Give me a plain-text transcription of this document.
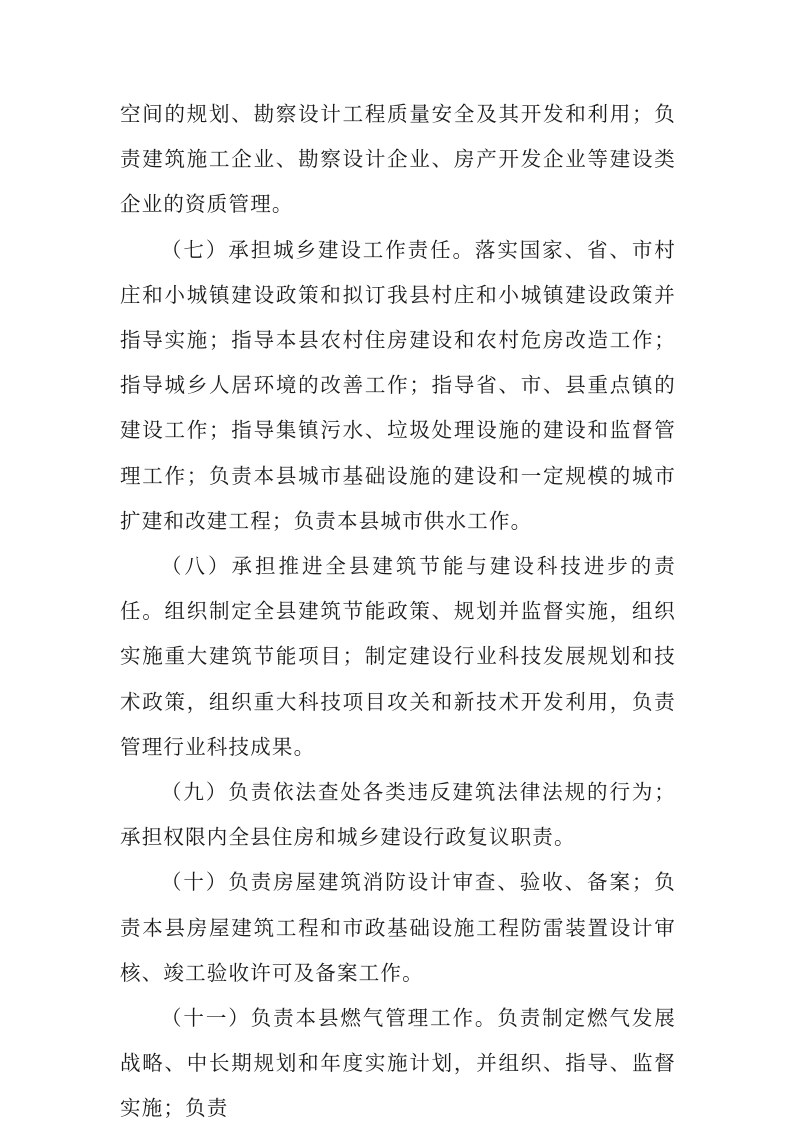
空间的规划、勘察设计工程质量安全及其开发和利用；负责建筑施工企业、勘察设计企业、房产开发企业等建设类企业的资质管理。

（七）承担城乡建设工作责任。落实国家、省、市村庄和小城镇建设政策和拟订我县村庄和小城镇建设政策并指导实施；指导本县农村住房建设和农村危房改造工作；指导城乡人居环境的改善工作；指导省、市、县重点镇的建设工作；指导集镇污水、垃圾处理设施的建设和监督管理工作；负责本县城市基础设施的建设和一定规模的城市扩建和改建工程；负责本县城市供水工作。

（八）承担推进全县建筑节能与建设科技进步的责任。组织制定全县建筑节能政策、规划并监督实施，组织实施重大建筑节能项目；制定建设行业科技发展规划和技术政策，组织重大科技项目攻关和新技术开发利用，负责管理行业科技成果。

（九）负责依法查处各类违反建筑法律法规的行为；承担权限内全县住房和城乡建设行政复议职责。

（十）负责房屋建筑消防设计审查、验收、备案；负责本县房屋建筑工程和市政基础设施工程防雷装置设计审核、竣工验收许可及备案工作。

（十一）负责本县燃气管理工作。负责制定燃气发展战略、中长期规划和年度实施计划，并组织、指导、监督实施；负责
